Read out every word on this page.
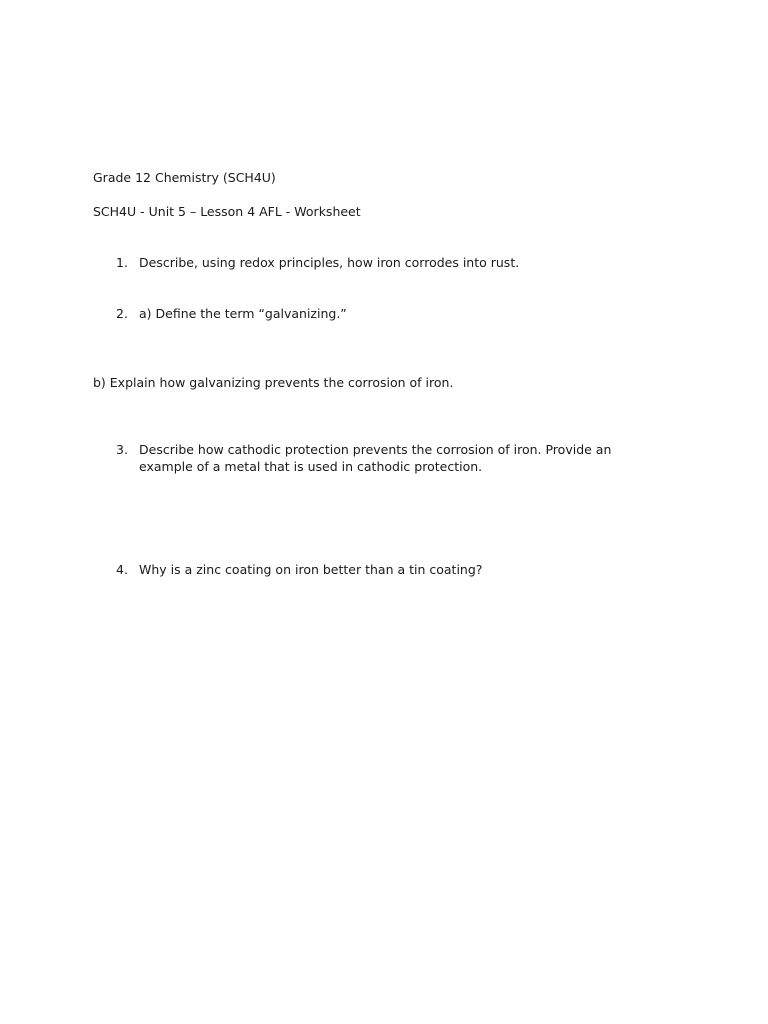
Grade 12 Chemistry (SCH4U)
SCH4U - Unit 5 – Lesson 4 AFL - Worksheet
1. Describe, using redox principles, how iron corrodes into rust.
2. a) Define the term “galvanizing.”
b) Explain how galvanizing prevents the corrosion of iron.
3. Describe how cathodic protection prevents the corrosion of iron. Provide an example of a metal that is used in cathodic protection.
4. Why is a zinc coating on iron better than a tin coating?
